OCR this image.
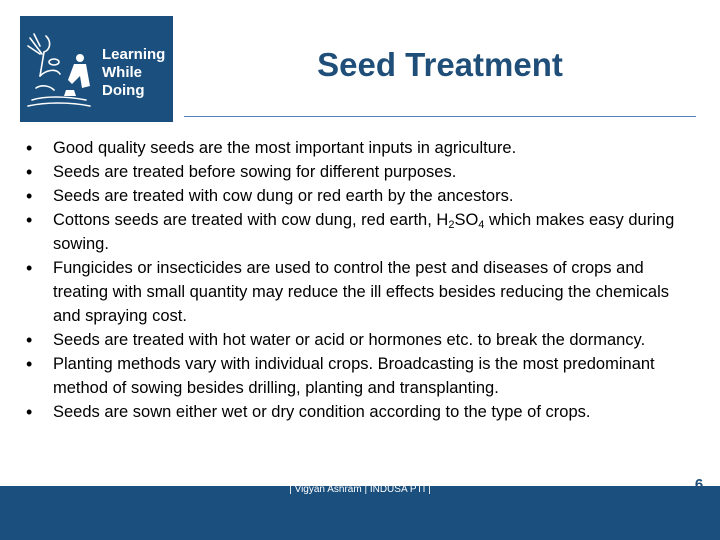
Learning
While
Doing
Seed Treatment
• Good quality seeds are the most important inputs in agriculture.
• Seeds are treated before sowing for different purposes.
• Seeds are treated with cow dung or red earth by the ancestors.
• Cottons seeds are treated with cow dung, red earth, $H_2SO_4$ which makes easy during sowing.
• Fungicides or insecticides are used to control the pest and diseases of crops and treating with small quantity may reduce the ill effects besides reducing the chemicals and spraying cost.
• Seeds are treated with hot water or acid or hormones etc. to break the dormancy.
• Planting methods vary with individual crops. Broadcasting is the most predominant method of sowing besides drilling, planting and transplanting.
• Seeds are sown either wet or dry condition according to the type of crops.
| Vigyan Ashram | INDUSA PTI |	6
